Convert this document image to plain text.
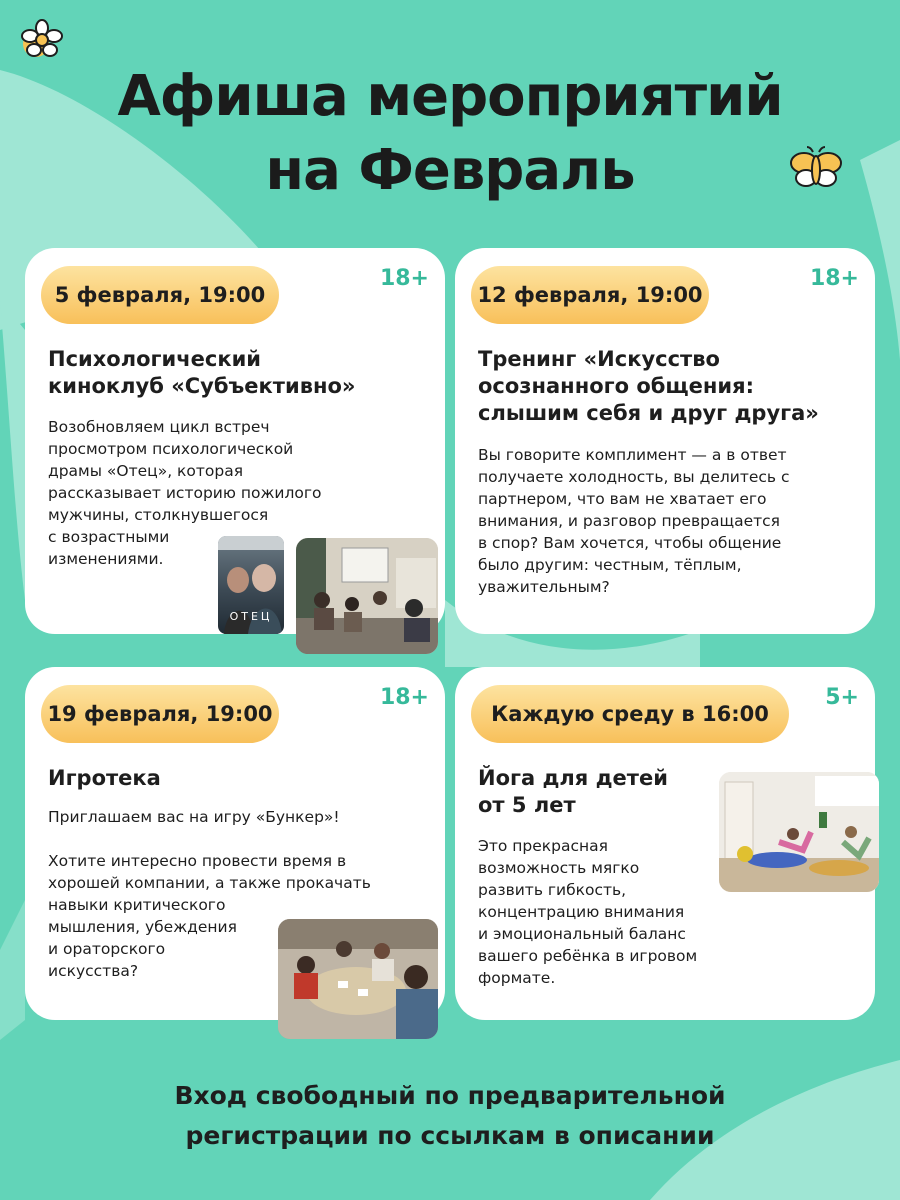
Афиша мероприятий
на Февраль
5 февраля, 19:00
18+
Психологический киноклуб «Субъективно»
Возобновляем цикл встреч
просмотром психологической
драмы «Отец», которая
рассказывает историю пожилого
мужчины, столкнувшегося
с возрастными
изменениями.
ОТЕЦ
12 февраля, 19:00
18+
Тренинг «Искусство осознанного общения: слышим себя и друг друга»
Вы говорите комплимент — а в ответ
получаете холодность, вы делитесь с
партнером, что вам не хватает его
внимания, и разговор превращается
в спор? Вам хочется, чтобы общение
было другим: честным, тёплым,
уважительным?
19 февраля, 19:00
18+
Игротека
Приглашаем вас на игру «Бункер»!
Хотите интересно провести время в
хорошей компании, а также прокачать
навыки критического
мышления, убеждения
и ораторского
искусства?
Каждую среду в 16:00
5+
Йога для детей от 5 лет
Это прекрасная
возможность мягко
развить гибкость,
концентрацию внимания
и эмоциональный баланс
вашего ребёнка в игровом
формате.
Вход свободный по предварительной
регистрации по ссылкам в описании
